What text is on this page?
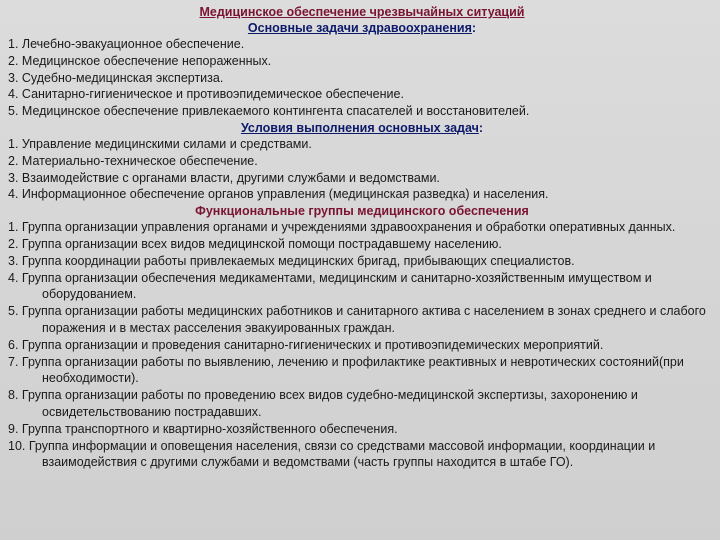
Медицинское обеспечение чрезвычайных ситуаций

Основные задачи здравоохранения:

1. Лечебно-эвакуационное обеспечение.
2. Медицинское обеспечение непораженных.
3. Судебно-медицинская экспертиза.
4. Санитарно-гигиеническое и противоэпидемическое обеспечение.
5. Медицинское обеспечение привлекаемого контингента спасателей и восстановителей.

Условия выполнения основных задач:

1. Управление медицинскими силами и средствами.
2. Материально-техническое обеспечение.
3. Взаимодействие с органами власти, другими службами и ведомствами.
4. Информационное обеспечение органов управления (медицинская разведка) и населения.

Функциональные группы медицинского обеспечения

1. Группа организации управления органами и учреждениями здравоохранения и обработки оперативных данных.
2. Группа организации всех видов медицинской помощи пострадавшему населению.
3. Группа координации работы привлекаемых медицинских бригад, прибывающих специалистов.
4. Группа организации обеспечения медикаментами, медицинским и санитарно-хозяйственным имуществом и оборудованием.
5. Группа организации работы медицинских работников и санитарного актива с населением в зонах среднего и слабого поражения и в местах расселения эвакуированных граждан.
6. Группа организации и проведения санитарно-гигиенических и противоэпидемических мероприятий.
7. Группа организации работы по выявлению, лечению и профилактике реактивных и невротических состояний(при необходимости).
8. Группа организации работы по проведению всех видов судебно-медицинской экспертизы, захоронению и освидетельствованию пострадавших.
9. Группа транспортного и квартирно-хозяйственного обеспечения.
10. Группа информации и оповещения населения, связи со средствами массовой информации, координации и взаимодействия с другими службами и ведомствами (часть группы находится в штабе ГО).
